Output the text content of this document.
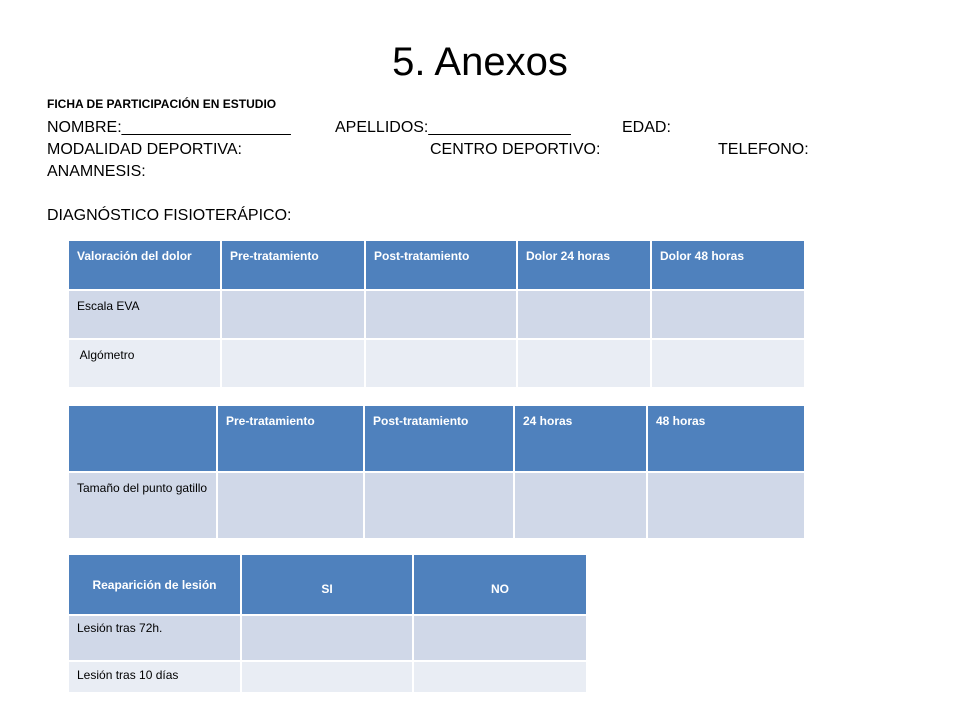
5. Anexos
FICHA DE PARTICIPACIÓN EN ESTUDIO
NOMBRE:___________________	APELLIDOS:________________	EDAD:
MODALIDAD DEPORTIVA:	CENTRO DEPORTIVO:	TELEFONO:
ANAMNESIS:
DIAGNÓSTICO FISIOTERÁPICO:
Valoración del dolor	Pre-tratamiento	Post-tratamiento	Dolor 24 horas	Dolor 48 horas
Escala EVA				
Algómetro				
	Pre-tratamiento	Post-tratamiento	24 horas	48 horas
Tamaño del punto gatillo				
Reaparición de lesión	SI	NO
Lesión tras 72h.		
Lesión tras 10 días		
